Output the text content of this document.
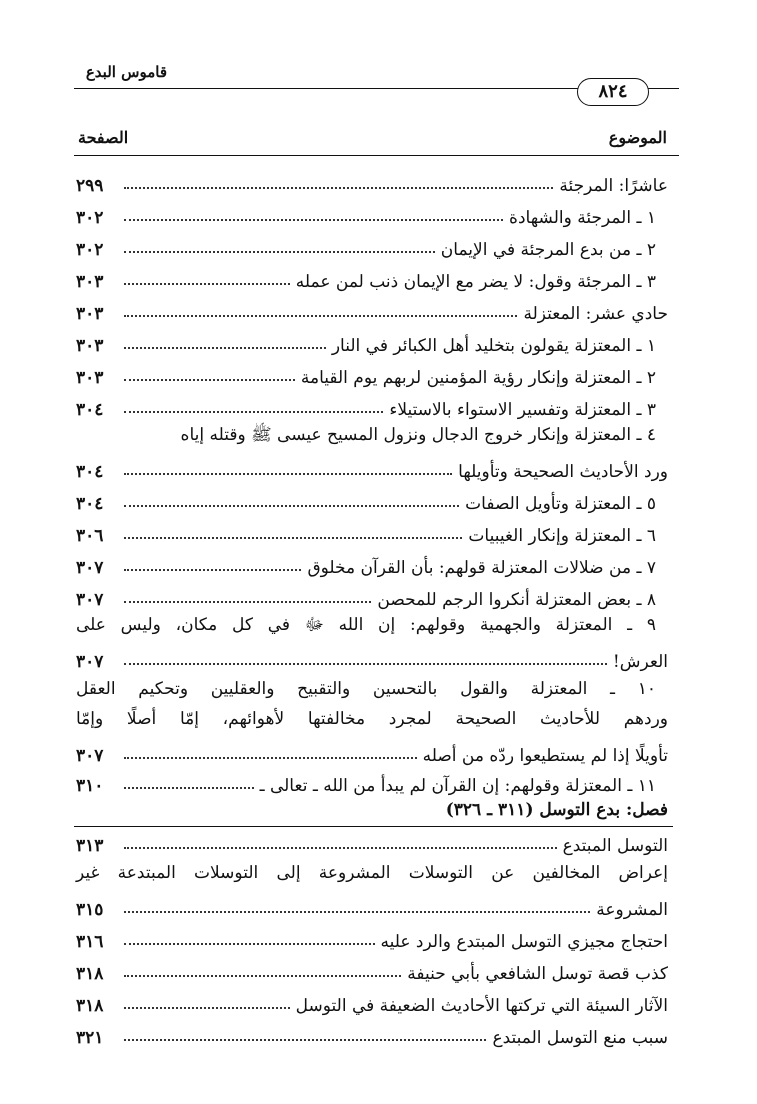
قاموس البدع
٨٢٤
الموضوع
الصفحة
٢٩٩	عاشرًا: المرجئة
٣٠٢	١ ـ المرجئة والشهادة
٣٠٢	٢ ـ من بدع المرجئة في الإيمان
٣٠٣	٣ ـ المرجئة وقول: لا يضر مع الإيمان ذنب لمن عمله
٣٠٣	حادي عشر: المعتزلة
٣٠٣	١ ـ المعتزلة يقولون بتخليد أهل الكبائر في النار
٣٠٣	٢ ـ المعتزلة وإنكار رؤية المؤمنين لربهم يوم القيامة
٣٠٤	٣ ـ المعتزلة وتفسير الاستواء بالاستيلاء
٤ ـ المعتزلة وإنكار خروج الدجال ونزول المسيح عيسى ﷺ وقتله إياه
٣٠٤	ورد الأحاديث الصحيحة وتأويلها
٣٠٤	٥ ـ المعتزلة وتأويل الصفات
٣٠٦	٦ ـ المعتزلة وإنكار الغيبيات
٣٠٧	٧ ـ من ضلالات المعتزلة قولهم: بأن القرآن مخلوق
٣٠٧	٨ ـ بعض المعتزلة أنكروا الرجم للمحصن
٩ ـ المعتزلة والجهمية وقولهم: إن الله ﷻ في كل مكان، وليس على
٣٠٧	العرش!
١٠ ـ المعتزلة والقول بالتحسين والتقبيح والعقليين وتحكيم العقل
وردهم للأحاديث الصحيحة لمجرد مخالفتها لأهوائهم، إمّا أصلًا وإمّا
٣٠٧	تأويلًا إذا لم يستطيعوا ردّه من أصله
٣١٠	١١ ـ المعتزلة وقولهم: إن القرآن لم يبدأ من الله ـ تعالى ـ
فصل: بدع التوسل (٣١١ ـ ٣٢٦)
٣١٣	التوسل المبتدع
إعراض المخالفين عن التوسلات المشروعة إلى التوسلات المبتدعة غير
٣١٥	المشروعة
٣١٦	احتجاج مجيزي التوسل المبتدع والرد عليه
٣١٨	كذب قصة توسل الشافعي بأبي حنيفة
٣١٨	الآثار السيئة التي تركتها الأحاديث الضعيفة في التوسل
٣٢١	سبب منع التوسل المبتدع
